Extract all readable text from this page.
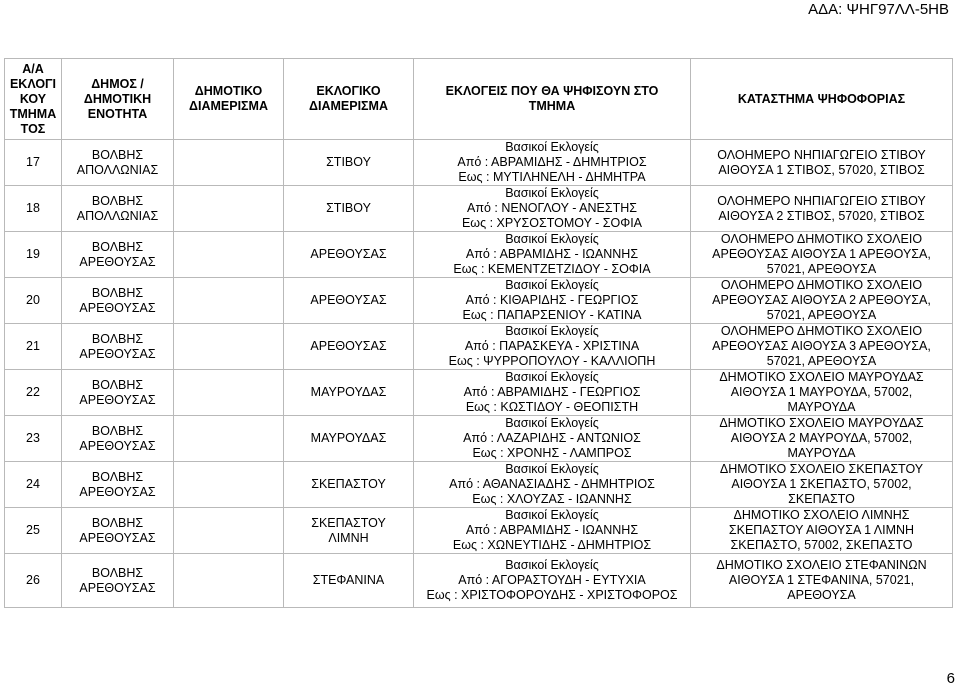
ΑΔΑ: ΨΗΓ97ΛΛ-5ΗΒ
Α/Α
ΕΚΛΟΓΙ
ΚΟΥ
ΤΜΗΜΑ
ΤΟΣ	ΔΗΜΟΣ /
ΔΗΜΟΤΙΚΗ
ΕΝΟΤΗΤΑ	ΔΗΜΟΤΙΚΟ
ΔΙΑΜΕΡΙΣΜΑ	ΕΚΛΟΓΙΚΟ
ΔΙΑΜΕΡΙΣΜΑ	ΕΚΛΟΓΕΙΣ ΠΟΥ ΘΑ ΨΗΦΙΣΟΥΝ ΣΤΟ
ΤΜΗΜΑ	ΚΑΤΑΣΤΗΜΑ ΨΗΦΟΦΟΡΙΑΣ

17	ΒΟΛΒΗΣ
ΑΠΟΛΛΩΝΙΑΣ		ΣΤΙΒΟΥ	Βασικοί Εκλογείς
Από : ΑΒΡΑΜΙΔΗΣ - ΔΗΜΗΤΡΙΟΣ
Εως : ΜΥΤΙΛΗΝΕΛΗ - ΔΗΜΗΤΡΑ	ΟΛΟΗΜΕΡΟ ΝΗΠΙΑΓΩΓΕΙΟ ΣΤΙΒΟΥ
ΑΙΘΟΥΣΑ 1 ΣΤΙΒΟΣ, 57020, ΣΤΙΒΟΣ

18	ΒΟΛΒΗΣ
ΑΠΟΛΛΩΝΙΑΣ		ΣΤΙΒΟΥ	Βασικοί Εκλογείς
Από : ΝΕΝΟΓΛΟΥ - ΑΝΕΣΤΗΣ
Εως : ΧΡΥΣΟΣΤΟΜΟΥ - ΣΟΦΙΑ	ΟΛΟΗΜΕΡΟ ΝΗΠΙΑΓΩΓΕΙΟ ΣΤΙΒΟΥ
ΑΙΘΟΥΣΑ 2 ΣΤΙΒΟΣ, 57020, ΣΤΙΒΟΣ

19	ΒΟΛΒΗΣ
ΑΡΕΘΟΥΣΑΣ		ΑΡΕΘΟΥΣΑΣ	Βασικοί Εκλογείς
Από : ΑΒΡΑΜΙΔΗΣ - ΙΩΑΝΝΗΣ
Εως : ΚΕΜΕΝΤΖΕΤΖΙΔΟΥ - ΣΟΦΙΑ	ΟΛΟΗΜΕΡΟ ΔΗΜΟΤΙΚΟ ΣΧΟΛΕΙΟ
ΑΡΕΘΟΥΣΑΣ ΑΙΘΟΥΣΑ 1 ΑΡΕΘΟΥΣΑ,
57021, ΑΡΕΘΟΥΣΑ

20	ΒΟΛΒΗΣ
ΑΡΕΘΟΥΣΑΣ		ΑΡΕΘΟΥΣΑΣ	Βασικοί Εκλογείς
Από : ΚΙΘΑΡΙΔΗΣ - ΓΕΩΡΓΙΟΣ
Εως : ΠΑΠΑΡΣΕΝΙΟΥ - ΚΑΤΙΝΑ	ΟΛΟΗΜΕΡΟ ΔΗΜΟΤΙΚΟ ΣΧΟΛΕΙΟ
ΑΡΕΘΟΥΣΑΣ ΑΙΘΟΥΣΑ 2 ΑΡΕΘΟΥΣΑ,
57021, ΑΡΕΘΟΥΣΑ

21	ΒΟΛΒΗΣ
ΑΡΕΘΟΥΣΑΣ		ΑΡΕΘΟΥΣΑΣ	Βασικοί Εκλογείς
Από : ΠΑΡΑΣΚΕΥΑ - ΧΡΙΣΤΙΝΑ
Εως : ΨΥΡΡΟΠΟΥΛΟΥ - ΚΑΛΛΙΟΠΗ	ΟΛΟΗΜΕΡΟ ΔΗΜΟΤΙΚΟ ΣΧΟΛΕΙΟ
ΑΡΕΘΟΥΣΑΣ ΑΙΘΟΥΣΑ 3 ΑΡΕΘΟΥΣΑ,
57021, ΑΡΕΘΟΥΣΑ

22	ΒΟΛΒΗΣ
ΑΡΕΘΟΥΣΑΣ		ΜΑΥΡΟΥΔΑΣ	Βασικοί Εκλογείς
Από : ΑΒΡΑΜΙΔΗΣ - ΓΕΩΡΓΙΟΣ
Εως : ΚΩΣΤΙΔΟΥ - ΘΕΟΠΙΣΤΗ	ΔΗΜΟΤΙΚΟ ΣΧΟΛΕΙΟ ΜΑΥΡΟΥΔΑΣ
ΑΙΘΟΥΣΑ 1 ΜΑΥΡΟΥΔΑ, 57002,
ΜΑΥΡΟΥΔΑ

23	ΒΟΛΒΗΣ
ΑΡΕΘΟΥΣΑΣ		ΜΑΥΡΟΥΔΑΣ	Βασικοί Εκλογείς
Από : ΛΑΖΑΡΙΔΗΣ - ΑΝΤΩΝΙΟΣ
Εως : ΧΡΟΝΗΣ - ΛΑΜΠΡΟΣ	ΔΗΜΟΤΙΚΟ ΣΧΟΛΕΙΟ ΜΑΥΡΟΥΔΑΣ
ΑΙΘΟΥΣΑ 2 ΜΑΥΡΟΥΔΑ, 57002,
ΜΑΥΡΟΥΔΑ

24	ΒΟΛΒΗΣ
ΑΡΕΘΟΥΣΑΣ		ΣΚΕΠΑΣΤΟΥ	Βασικοί Εκλογείς
Από : ΑΘΑΝΑΣΙΑΔΗΣ - ΔΗΜΗΤΡΙΟΣ
Εως : ΧΛΟΥΖΑΣ - ΙΩΑΝΝΗΣ	ΔΗΜΟΤΙΚΟ ΣΧΟΛΕΙΟ ΣΚΕΠΑΣΤΟΥ
ΑΙΘΟΥΣΑ 1 ΣΚΕΠΑΣΤΟ, 57002,
ΣΚΕΠΑΣΤΟ

25	ΒΟΛΒΗΣ
ΑΡΕΘΟΥΣΑΣ		ΣΚΕΠΑΣΤΟΥ
ΛΙΜΝΗ	Βασικοί Εκλογείς
Από : ΑΒΡΑΜΙΔΗΣ - ΙΩΑΝΝΗΣ
Εως : ΧΩΝΕΥΤΙΔΗΣ - ΔΗΜΗΤΡΙΟΣ	ΔΗΜΟΤΙΚΟ ΣΧΟΛΕΙΟ ΛΙΜΝΗΣ
ΣΚΕΠΑΣΤΟΥ ΑΙΘΟΥΣΑ 1 ΛΙΜΝΗ
ΣΚΕΠΑΣΤΟ, 57002, ΣΚΕΠΑΣΤΟ

26	ΒΟΛΒΗΣ
ΑΡΕΘΟΥΣΑΣ		ΣΤΕΦΑΝΙΝΑ	Βασικοί Εκλογείς
Από : ΑΓΟΡΑΣΤΟΥΔΗ - ΕΥΤΥΧΙΑ
Εως : ΧΡΙΣΤΟΦΟΡΟΥΔΗΣ - ΧΡΙΣΤΟΦΟΡΟΣ	ΔΗΜΟΤΙΚΟ ΣΧΟΛΕΙΟ ΣΤΕΦΑΝΙΝΩΝ
ΑΙΘΟΥΣΑ 1 ΣΤΕΦΑΝΙΝΑ, 57021,
ΑΡΕΘΟΥΣΑ
6
